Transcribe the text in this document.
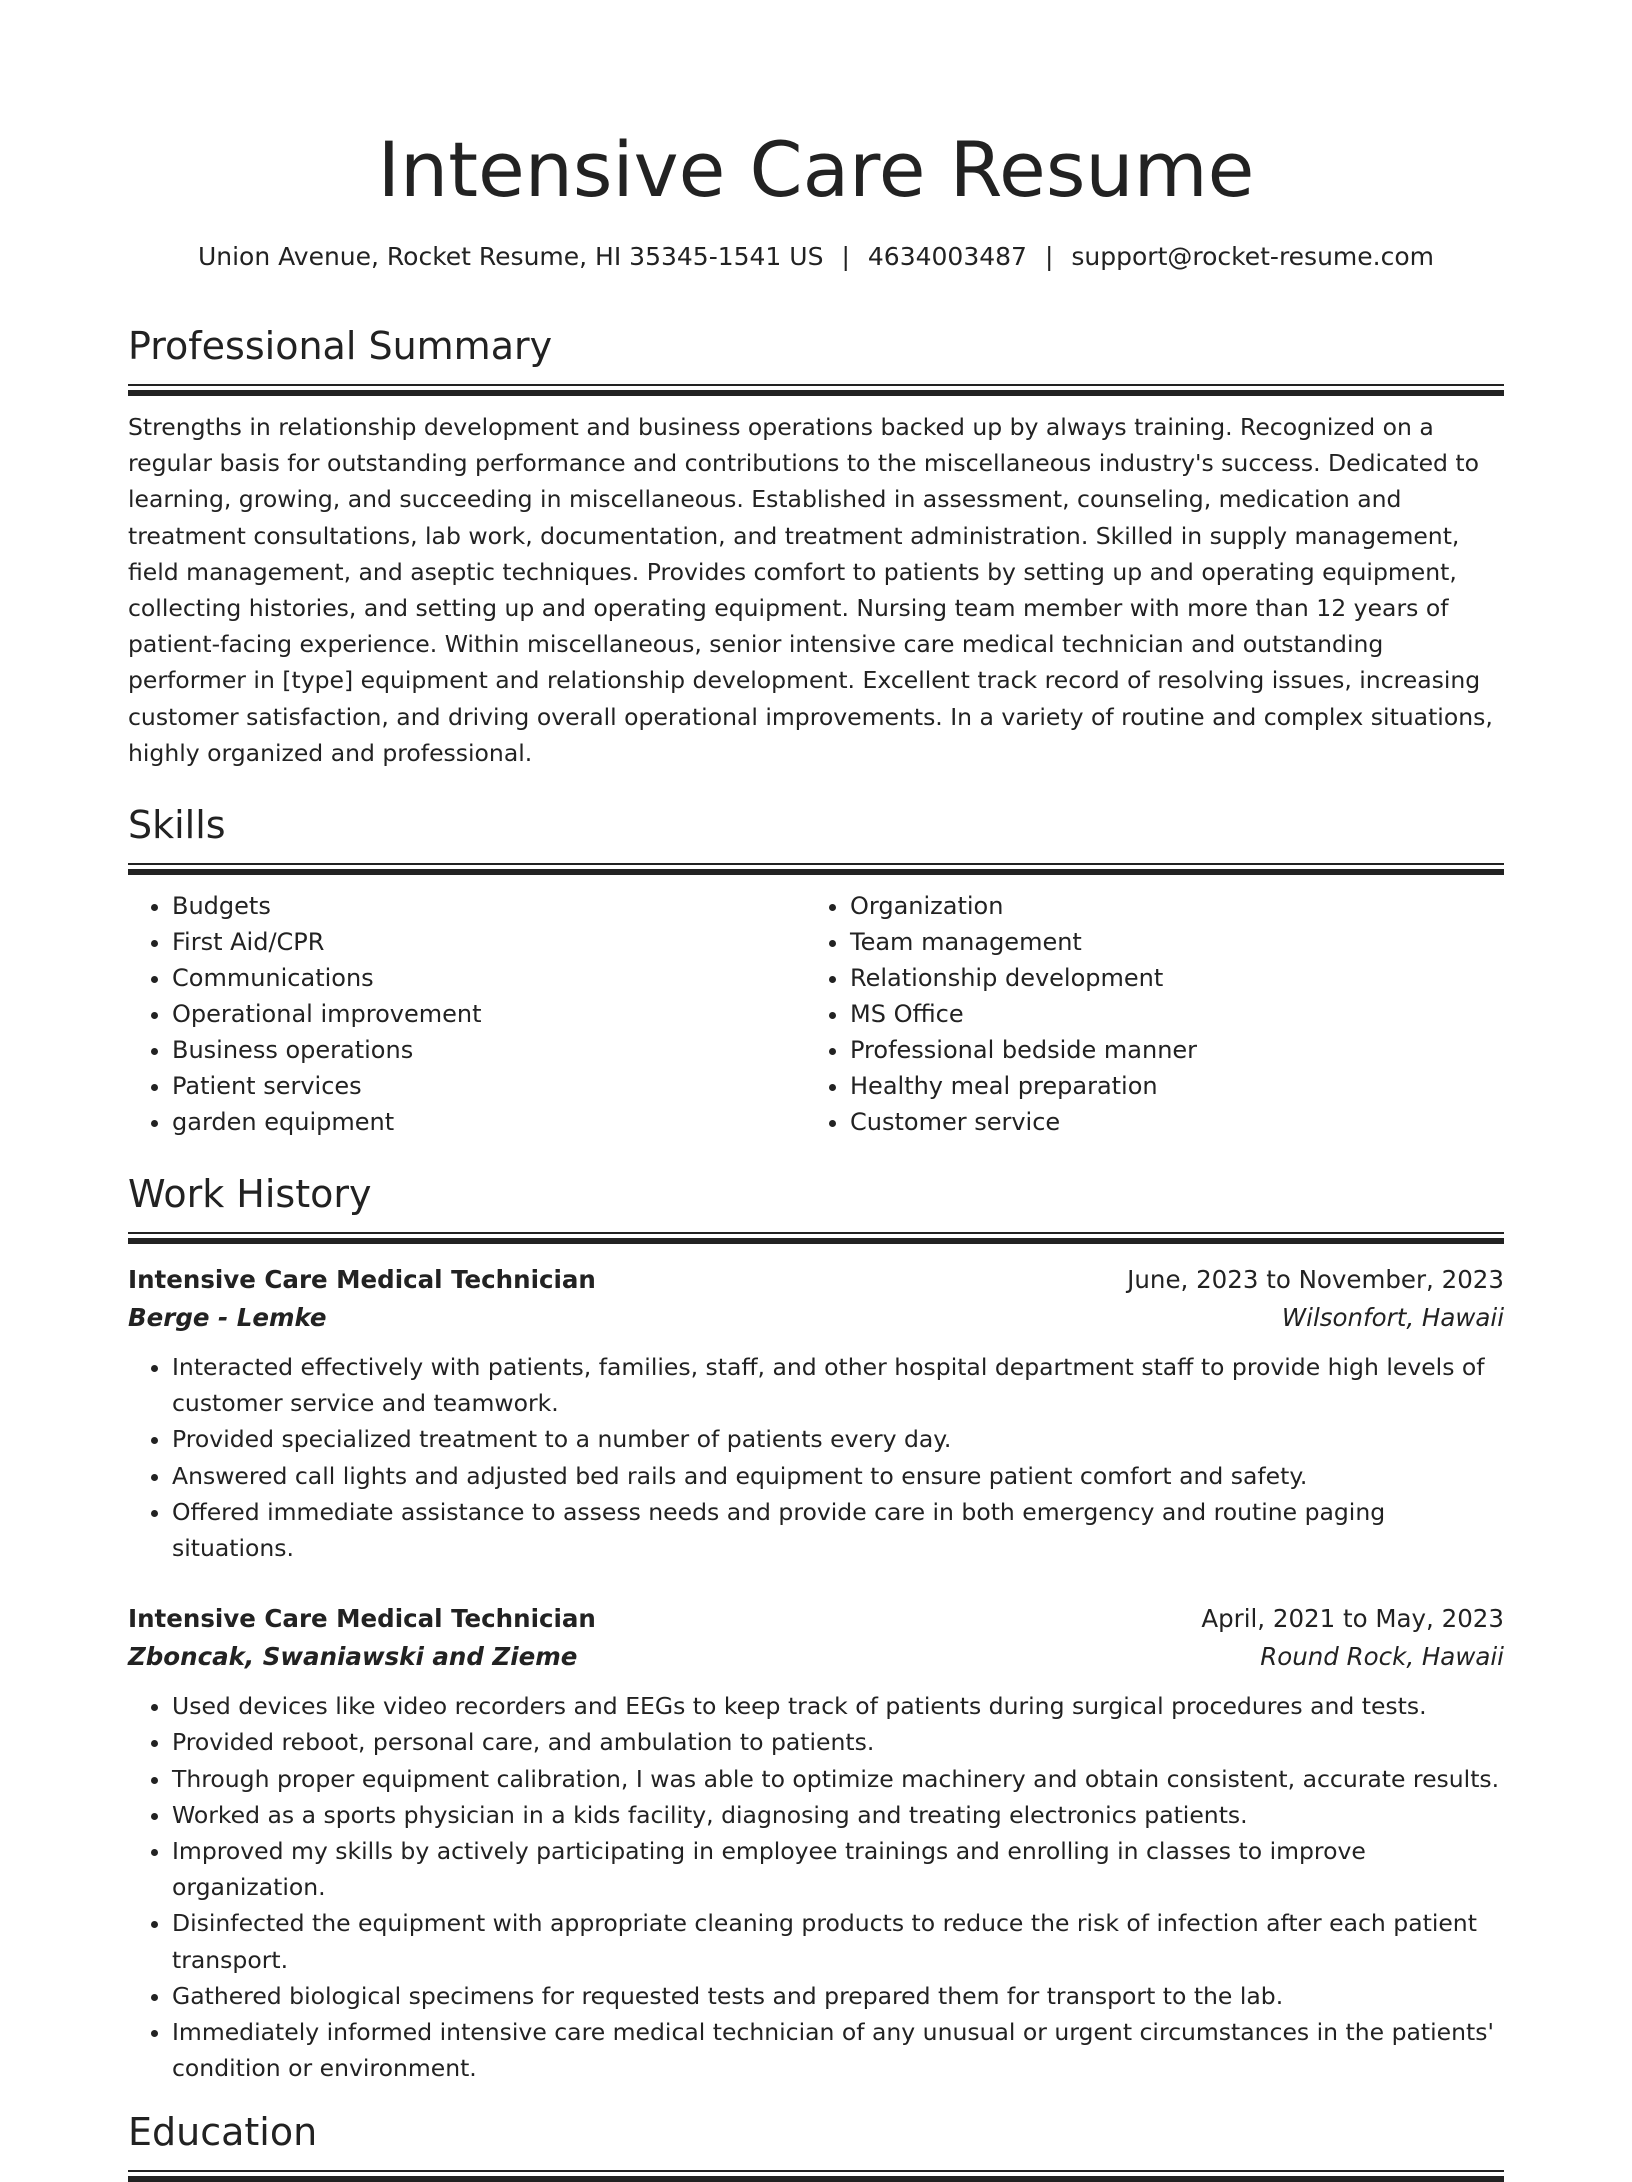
Intensive Care Resume
Union Avenue, Rocket Resume, HI 35345-1541 US | 4634003487 | support@rocket-resume.com
Professional Summary

Strengths in relationship development and business operations backed up by always training. Recognized on a regular basis for outstanding performance and contributions to the miscellaneous industry's success. Dedicated to learning, growing, and succeeding in miscellaneous. Established in assessment, counseling, medication and treatment consultations, lab work, documentation, and treatment administration. Skilled in supply management, field management, and aseptic techniques. Provides comfort to patients by setting up and operating equipment, collecting histories, and setting up and operating equipment. Nursing team member with more than 12 years of patient-facing experience. Within miscellaneous, senior intensive care medical technician and outstanding performer in [type] equipment and relationship development. Excellent track record of resolving issues, increasing customer satisfaction, and driving overall operational improvements. In a variety of routine and complex situations, highly organized and professional.

Skills
• Budgets
• First Aid/CPR
• Communications
• Operational improvement
• Business operations
• Patient services
• garden equipment
• Organization
• Team management
• Relationship development
• MS Office
• Professional bedside manner
• Healthy meal preparation
• Customer service
Work History
Intensive Care Medical Technician	June, 2023 to November, 2023
Berge - Lemke	Wilsonfort, Hawaii
• Interacted effectively with patients, families, staff, and other hospital department staff to provide high levels of customer service and teamwork.
• Provided specialized treatment to a number of patients every day.
• Answered call lights and adjusted bed rails and equipment to ensure patient comfort and safety.
• Offered immediate assistance to assess needs and provide care in both emergency and routine paging situations.
Intensive Care Medical Technician	April, 2021 to May, 2023
Zboncak, Swaniawski and Zieme	Round Rock, Hawaii
• Used devices like video recorders and EEGs to keep track of patients during surgical procedures and tests.
• Provided reboot, personal care, and ambulation to patients.
• Through proper equipment calibration, I was able to optimize machinery and obtain consistent, accurate results.
• Worked as a sports physician in a kids facility, diagnosing and treating electronics patients.
• Improved my skills by actively participating in employee trainings and enrolling in classes to improve organization.
• Disinfected the equipment with appropriate cleaning products to reduce the risk of infection after each patient transport.
• Gathered biological specimens for requested tests and prepared them for transport to the lab.
• Immediately informed intensive care medical technician of any unusual or urgent circumstances in the patients' condition or environment.
Education
